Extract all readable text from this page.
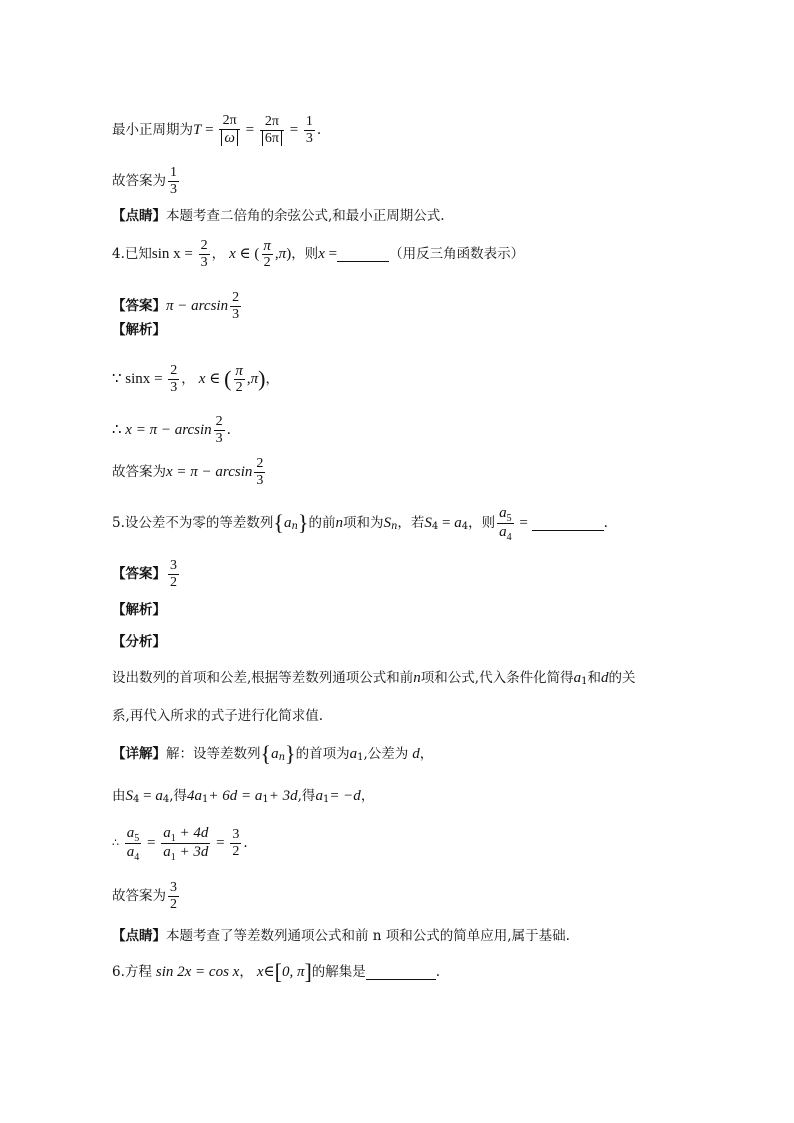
最小正周期为 $T = \frac{2\pi}{\omega} = \frac{2\pi}{6\pi} = \frac{1}{3}$ .
故答案为 $\frac{1}{3}$
【点睛】 本题考查二倍角的余弦公式,和最小正周期公式.
4. 已知 $\sin x = \frac{2}{3}$ ， x
∈ ( $\frac{\pi}{2}$ , π ) ，则 x =	（用反三角函数表示）
【答案】 $\pi - \arcsin \frac{2}{3}$
【解析】
∵
$\sin x = \frac{2}{3}$ ， x ∈ ( $\frac{\pi}{2}$ , π ) ，
∴
$x = \pi - \arcsin \frac{2}{3}$ .
故答案为 $x = \pi - \arcsin \frac{2}{3}$
5. 设公差不为零的等差数列 { a n } 的前 n 项和为 S n ，若 S 4 = a 4 ，则 $\frac{a_5}{a_4}$ =	.
【答案】 $\frac{3}{2}$
【解析】
【分析】
设出数列的首项和公差,根据等差数列通项公式和前 n 项和公式,代入条件化简得 a 1 和 d 的关
系,再代入所求的式子进行化简求值.
【详解】 解：设等差数列 { a n } 的首项为 a 1 ,公差为 d ，
由 S 4 = a 4 ,得 4a 1 + 6d = a 1 + 3d ,得 a 1 = −d ，
∴
$\frac{a_5}{a_4} = \frac{a_1 + 4d}{a_1 + 3d} = \frac{3}{2}$ .
故答案为 $\frac{3}{2}$
【点睛】 本题考查了等差数列通项公式和前 n 项和公式的简单应用,属于基础.
6. 方程 sin 2x = cos x ， x ∈ [ 0, π ] 的解集是	.
